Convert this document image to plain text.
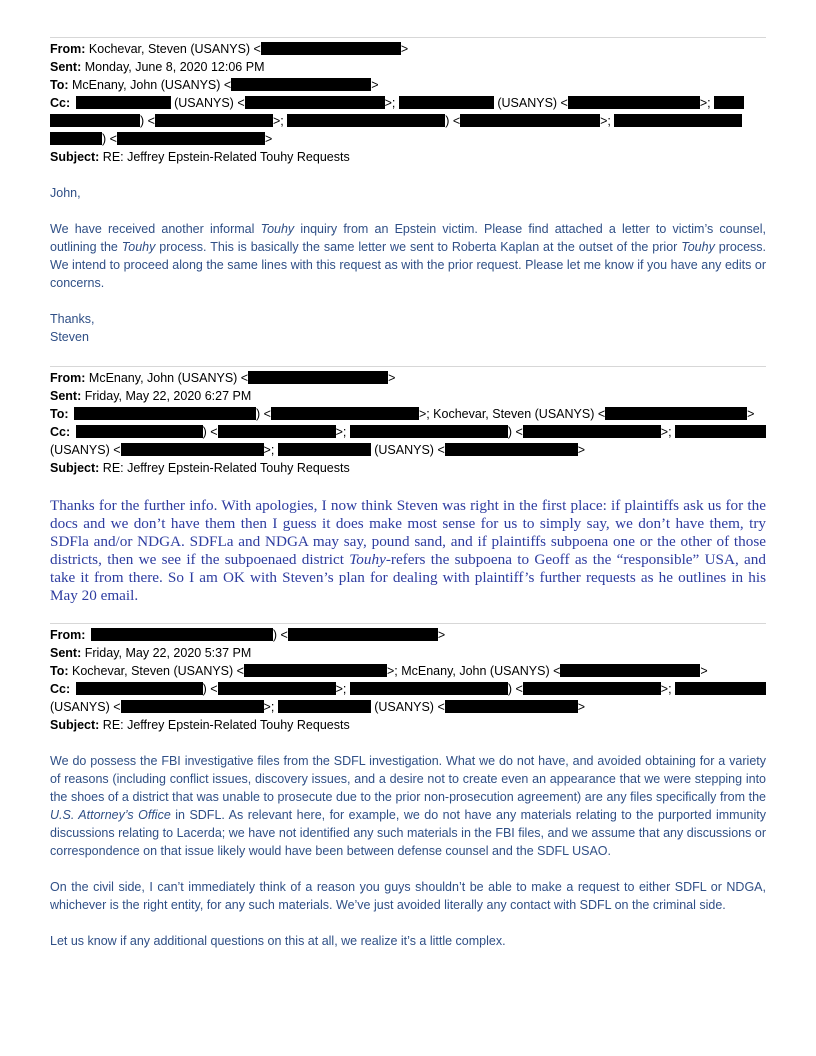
From: Kochevar, Steven (USANYS) <	>
Sent: Monday, June 8, 2020 12:06 PM
To: McEnany, John (USANYS) <	>
Cc:	(USANYS) <	>;	(USANYS) <	>;
) <	>;	) <	>;
) <	>
Subject: RE: Jeffrey Epstein-Related Touhy Requests

John,

We have received another informal Touhy inquiry from an Epstein victim. Please find attached a letter to victim’s counsel, outlining the Touhy process. This is basically the same letter we sent to Roberta Kaplan at the outset of the prior Touhy process. We intend to proceed along the same lines with this request as with the prior request. Please let me know if you have any edits or concerns.

Thanks,

Steven

From: McEnany, John (USANYS) <	>
Sent: Friday, May 22, 2020 6:27 PM
To:	) <	>; Kochevar, Steven (USANYS) <	>
Cc:	) <	>;	) <	>;
(USANYS) <	>;	(USANYS) <	>
Subject: RE: Jeffrey Epstein-Related Touhy Requests

Thanks for the further info. With apologies, I now think Steven was right in the first place: if plaintiffs ask us for the docs and we don’t have them then I guess it does make most sense for us to simply say, we don’t have them, try SDFla and/or NDGA. SDFLa and NDGA may say, pound sand, and if plaintiffs subpoena one or the other of those districts, then we see if the subpoenaed district Touhy-refers the subpoena to Geoff as the “responsible” USA, and take it from there. So I am OK with Steven’s plan for dealing with plaintiff’s further requests as he outlines in his May 20 email.

From:	) <	>
Sent: Friday, May 22, 2020 5:37 PM
To: Kochevar, Steven (USANYS) <	>; McEnany, John (USANYS) <	>
Cc:	) <	>;	) <	>;
(USANYS) <	>;	(USANYS) <	>
Subject: RE: Jeffrey Epstein-Related Touhy Requests

We do possess the FBI investigative files from the SDFL investigation. What we do not have, and avoided obtaining for a variety of reasons (including conflict issues, discovery issues, and a desire not to create even an appearance that we were stepping into the shoes of a district that was unable to prosecute due to the prior non-prosecution agreement) are any files specifically from the U.S. Attorney’s Office in SDFL. As relevant here, for example, we do not have any materials relating to the purported immunity discussions relating to Lacerda; we have not identified any such materials in the FBI files, and we assume that any discussions or correspondence on that issue likely would have been between defense counsel and the SDFL USAO.

On the civil side, I can’t immediately think of a reason you guys shouldn’t be able to make a request to either SDFL or NDGA, whichever is the right entity, for any such materials. We’ve just avoided literally any contact with SDFL on the criminal side.

Let us know if any additional questions on this at all, we realize it’s a little complex.
